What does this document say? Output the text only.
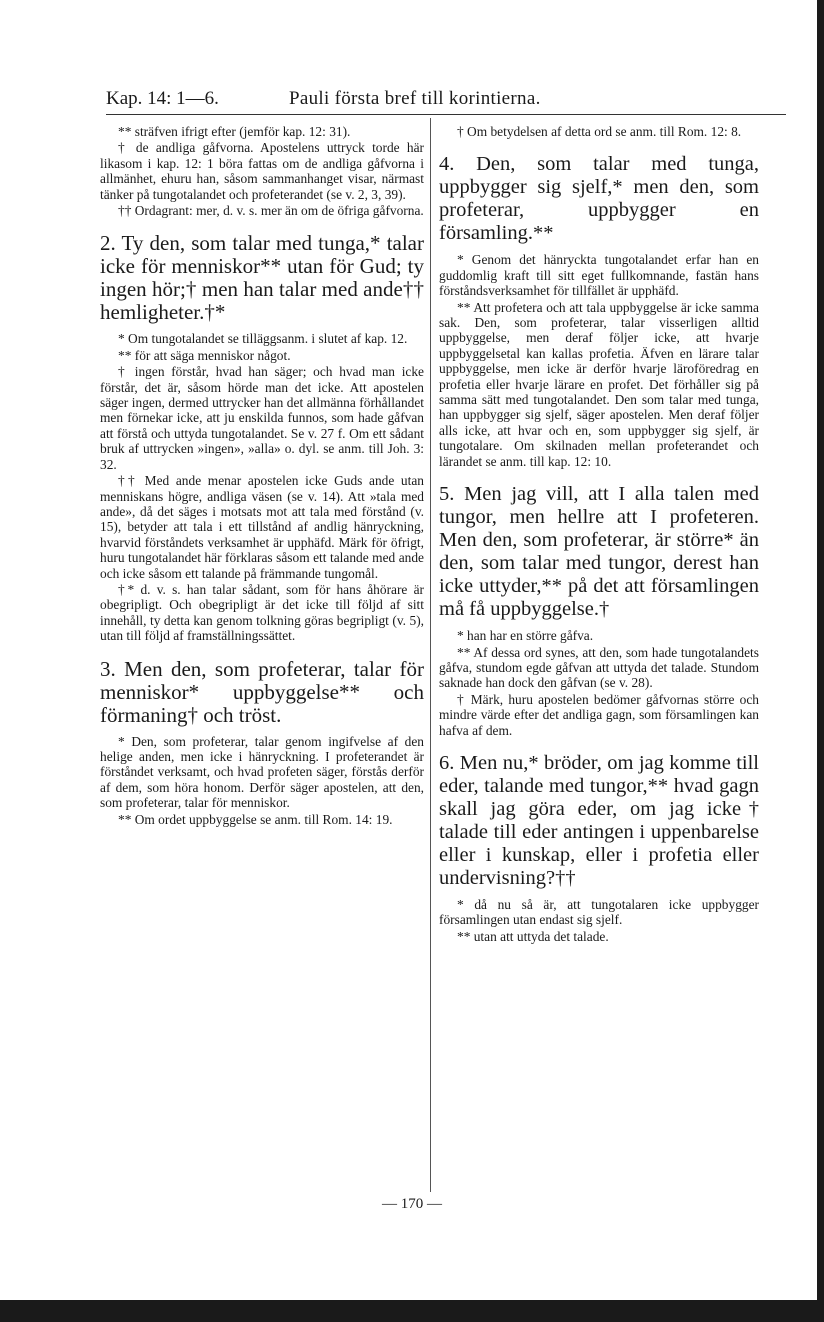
Kap. 14: 1—6.	Pauli första bref till korintierna.

** sträfven ifrigt efter (jemför kap. 12: 31).

† de andliga gåfvorna. Apostelens uttryck torde här likasom i kap. 12: 1 böra fattas om de andliga gåfvorna i allmänhet, ehuru han, såsom sammanhanget visar, närmast tänker på tungotalandet och profeterandet (se v. 2, 3, 39).

†† Ordagrant: mer, d. v. s. mer än om de öfriga gåfvorna.

2. Ty den, som talar med tunga,* talar icke för menniskor** utan för Gud; ty ingen hör;† men han talar med ande†† hemligheter.†*

* Om tungotalandet se tilläggsanm. i slutet af kap. 12.

** för att säga menniskor något.

† ingen förstår, hvad han säger; och hvad man icke förstår, det är, såsom hörde man det icke. Att apostelen säger ingen, dermed uttrycker han det allmänna förhållandet men förnekar icke, att ju enskilda funnos, som hade gåfvan att förstå och uttyda tungotalandet. Se v. 27 f. Om ett sådant bruk af uttrycken »ingen», »alla» o. dyl. se anm. till Joh. 3: 32.

†† Med ande menar apostelen icke Guds ande utan menniskans högre, andliga väsen (se v. 14). Att »tala med ande», då det säges i motsats mot att tala med förstånd (v. 15), betyder att tala i ett tillstånd af andlig hänryckning, hvarvid förståndets verksamhet är upphäfd. Märk för öfrigt, huru tungotalandet här förklaras såsom ett talande med ande och icke såsom ett talande på främmande tungomål.

†* d. v. s. han talar sådant, som för hans åhörare är obegripligt. Och obegripligt är det icke till följd af sitt innehåll, ty detta kan genom tolkning göras begripligt (v. 5), utan till följd af framställningssättet.

3. Men den, som profeterar, talar för menniskor* uppbyggelse** och förmaning† och tröst.

* Den, som profeterar, talar genom ingifvelse af den helige anden, men icke i hänryckning. I profeterandet är förståndet verksamt, och hvad profeten säger, förstås derför af dem, som höra honom. Derför säger apostelen, att den, som profeterar, talar för menniskor.

** Om ordet uppbyggelse se anm. till Rom. 14: 19.

† Om betydelsen af detta ord se anm. till Rom. 12: 8.

4. Den, som talar med tunga, uppbygger sig sjelf,* men den, som profeterar, uppbygger en församling.**

* Genom det hänryckta tungotalandet erfar han en guddomlig kraft till sitt eget fullkomnande, fastän hans förståndsverksamhet för tillfället är upphäfd.

** Att profetera och att tala uppbyggelse är icke samma sak. Den, som profeterar, talar visserligen alltid uppbyggelse, men deraf följer icke, att hvarje uppbyggelsetal kan kallas profetia. Äfven en lärare talar uppbyggelse, men icke är derför hvarje läroföredrag en profetia eller hvarje lärare en profet. Det förhåller sig på samma sätt med tungotalandet. Den som talar med tunga, han uppbygger sig sjelf, säger apostelen. Men deraf följer alls icke, att hvar och en, som uppbygger sig sjelf, är tungotalare. Om skilnaden mellan profeterandet och lärandet se anm. till kap. 12: 10.

5. Men jag vill, att I alla talen med tungor, men hellre att I profeteren. Men den, som profeterar, är större* än den, som talar med tungor, derest han icke uttyder,** på det att församlingen må få uppbyggelse.†

* han har en större gåfva.

** Af dessa ord synes, att den, som hade tungotalandets gåfva, stundom egde gåfvan att uttyda det talade. Stundom saknade han dock den gåfvan (se v. 28).

† Märk, huru apostelen bedömer gåfvornas större och mindre värde efter det andliga gagn, som församlingen kan hafva af dem.

6. Men nu,* bröder, om jag komme till eder, talande med tungor,** hvad gagn skall jag göra eder, om jag icke† talade till eder antingen i uppenbarelse eller i kunskap, eller i profetia eller undervisning?††

* då nu så är, att tungotalaren icke uppbygger församlingen utan endast sig sjelf.

** utan att uttyda det talade.

— 170 —
